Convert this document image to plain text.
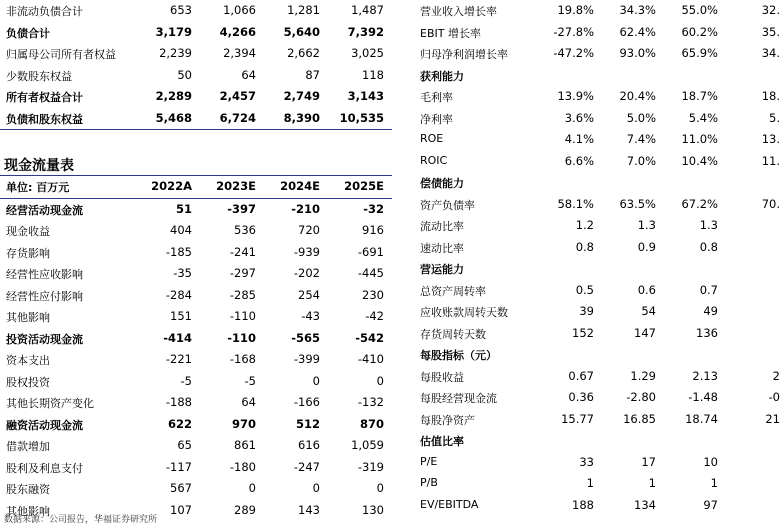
非流动负债合计	653	1,066	1,281	1,487
负债合计	3,179	4,266	5,640	7,392
归属母公司所有者权益	2,239	2,394	2,662	3,025
少数股东权益	50	64	87	118
所有者权益合计	2,289	2,457	2,749	3,143
负债和股东权益	5,468	6,724	8,390	10,535
现金流量表
单位: 百万元	2022A	2023E	2024E	2025E
经营活动现金流	51	-397	-210	-32
现金收益	404	536	720	916
存货影响	-185	-241	-939	-691
经营性应收影响	-35	-297	-202	-445
经营性应付影响	-284	-285	254	230
其他影响	151	-110	-43	-42
投资活动现金流	-414	-110	-565	-542
资本支出	-221	-168	-399	-410
股权投资	-5	-5	0	0
其他长期资产变化	-188	64	-166	-132
融资活动现金流	622	970	512	870
借款增加	65	861	616	1,059
股利及利息支付	-117	-180	-247	-319
股东融资	567	0	0	0
其他影响	107	289	143	130
营业收入增长率	19.8%	34.3%	55.0%	32.
EBIT 增长率	-27.8%	62.4%	60.2%	35.
归母净利润增长率	-47.2%	93.0%	65.9%	34.
获利能力
毛利率	13.9%	20.4%	18.7%	18.
净利率	3.6%	5.0%	5.4%	5.
ROE	4.1%	7.4%	11.0%	13.
ROIC	6.6%	7.0%	10.4%	11.
偿债能力
资产负债率	58.1%	63.5%	67.2%	70.
流动比率	1.2	1.3	1.3
速动比率	0.8	0.9	0.8
营运能力
总资产周转率	0.5	0.6	0.7
应收账款周转天数	39	54	49
存货周转天数	152	147	136
每股指标（元）
每股收益	0.67	1.29	2.13	2
每股经营现金流	0.36	-2.80	-1.48	-0
每股净资产	15.77	16.85	18.74	21
估值比率
P/E	33	17	10
P/B	1	1	1
EV/EBITDA	188	134	97
数据来源：公司报告，华福证券研究所
